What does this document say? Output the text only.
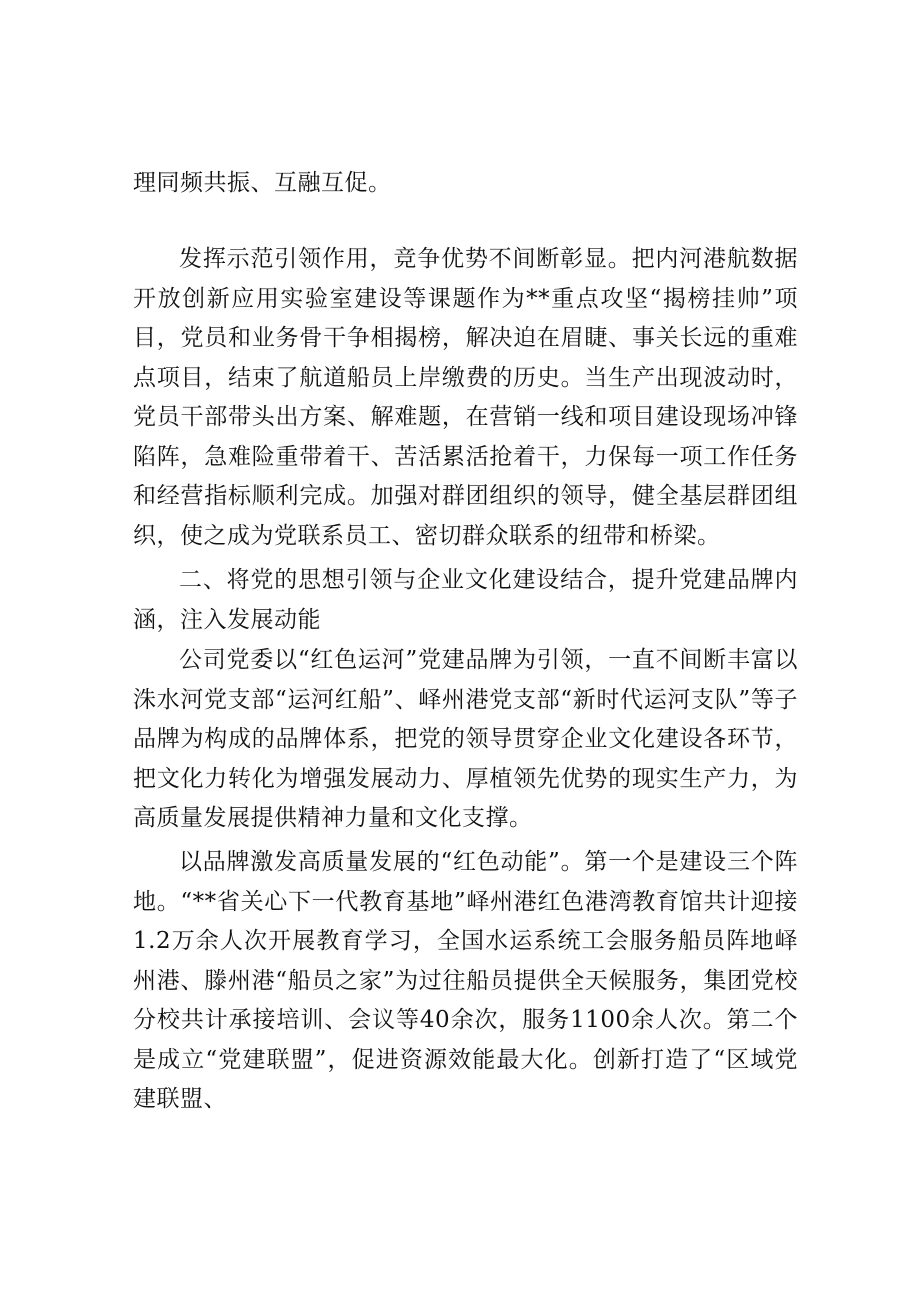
理同频共振、互融互促。

发挥示范引领作用，竞争优势不间断彰显。把内河港航数据开放创新应用实验室建设等课题作为**重点攻坚“揭榜挂帅”项目，党员和业务骨干争相揭榜，解决迫在眉睫、事关长远的重难点项目，结束了航道船员上岸缴费的历史。当生产出现波动时，党员干部带头出方案、解难题，在营销一线和项目建设现场冲锋陷阵，急难险重带着干、苦活累活抢着干，力保每一项工作任务和经营指标顺利完成。加强对群团组织的领导，健全基层群团组织，使之成为党联系员工、密切群众联系的纽带和桥梁。

二、将党的思想引领与企业文化建设结合，提升党建品牌内涵，注入发展动能

公司党委以“红色运河”党建品牌为引领，一直不间断丰富以洙水河党支部“运河红船”、峄州港党支部“新时代运河支队”等子品牌为构成的品牌体系，把党的领导贯穿企业文化建设各环节，把文化力转化为增强发展动力、厚植领先优势的现实生产力，为高质量发展提供精神力量和文化支撑。

以品牌激发高质量发展的“红色动能”。第一个是建设三个阵地。“**省关心下一代教育基地”峄州港红色港湾教育馆共计迎接1.2万余人次开展教育学习，全国水运系统工会服务船员阵地峄州港、滕州港“船员之家”为过往船员提供全天候服务，集团党校分校共计承接培训、会议等40余次，服务1100余人次。第二个是成立“党建联盟”，促进资源效能最大化。创新打造了“区域党建联盟、
